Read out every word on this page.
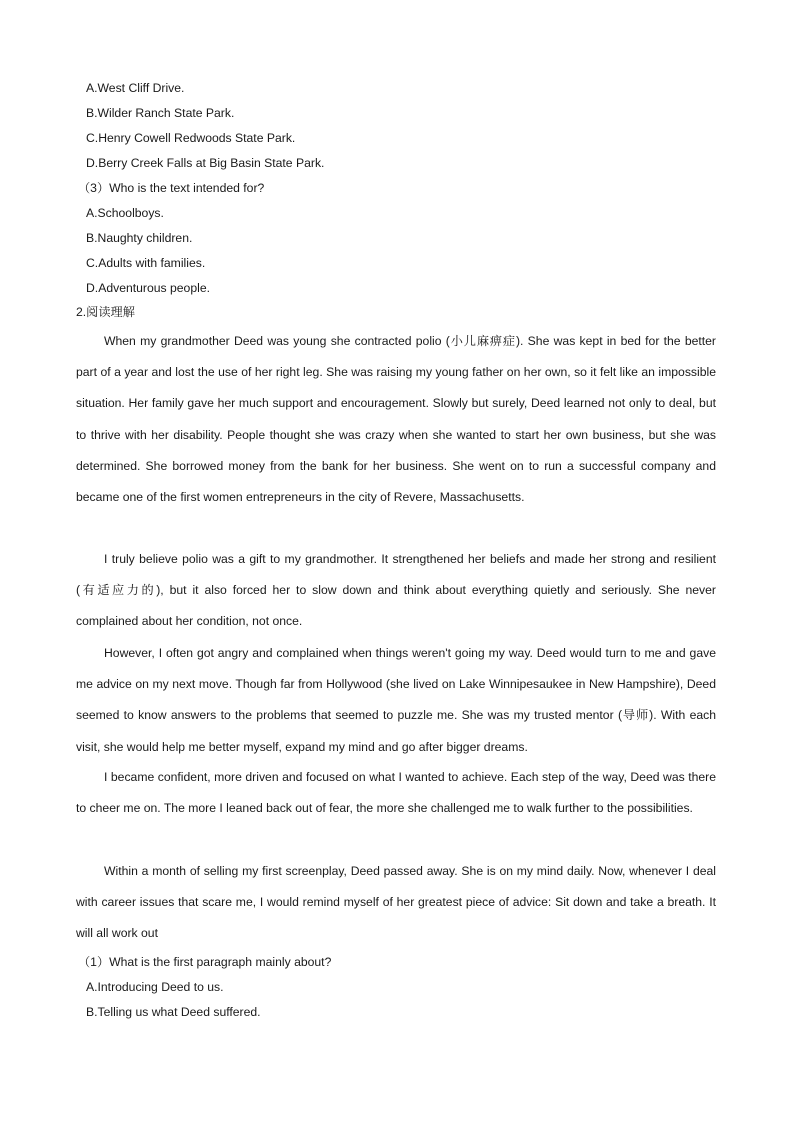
A.West Cliff Drive.
B.Wilder Ranch State Park.
C.Henry Cowell Redwoods State Park.
D.Berry Creek Falls at Big Basin State Park.
（3）Who is the text intended for?
A.Schoolboys.
B.Naughty children.
C.Adults with families.
D.Adventurous people.
2.阅读理解

When my grandmother Deed was young she contracted polio (小儿麻痹症). She was kept in bed for the better part of a year and lost the use of her right leg. She was raising my young father on her own, so it felt like an impossible situation. Her family gave her much support and encouragement. Slowly but surely, Deed learned not only to deal, but to thrive with her disability. People thought she was crazy when she wanted to start her own business, but she was determined. She borrowed money from the bank for her business. She went on to run a successful company and became one of the first women entrepreneurs in the city of Revere, Massachusetts.

I truly believe polio was a gift to my grandmother. It strengthened her beliefs and made her strong and resilient (有适应力的), but it also forced her to slow down and think about everything quietly and seriously. She never complained about her condition, not once.

However, I often got angry and complained when things weren't going my way. Deed would turn to me and gave me advice on my next move. Though far from Hollywood (she lived on Lake Winnipesaukee in New Hampshire), Deed seemed to know answers to the problems that seemed to puzzle me. She was my trusted mentor (导师). With each visit, she would help me better myself, expand my mind and go after bigger dreams.

I became confident, more driven and focused on what I wanted to achieve. Each step of the way, Deed was there to cheer me on. The more I leaned back out of fear, the more she challenged me to walk further to the possibilities.

Within a month of selling my first screenplay, Deed passed away. She is on my mind daily. Now, whenever I deal with career issues that scare me, I would remind myself of her greatest piece of advice: Sit down and take a breath. It will all work out

（1）What is the first paragraph mainly about?
A.Introducing Deed to us.
B.Telling us what Deed suffered.
